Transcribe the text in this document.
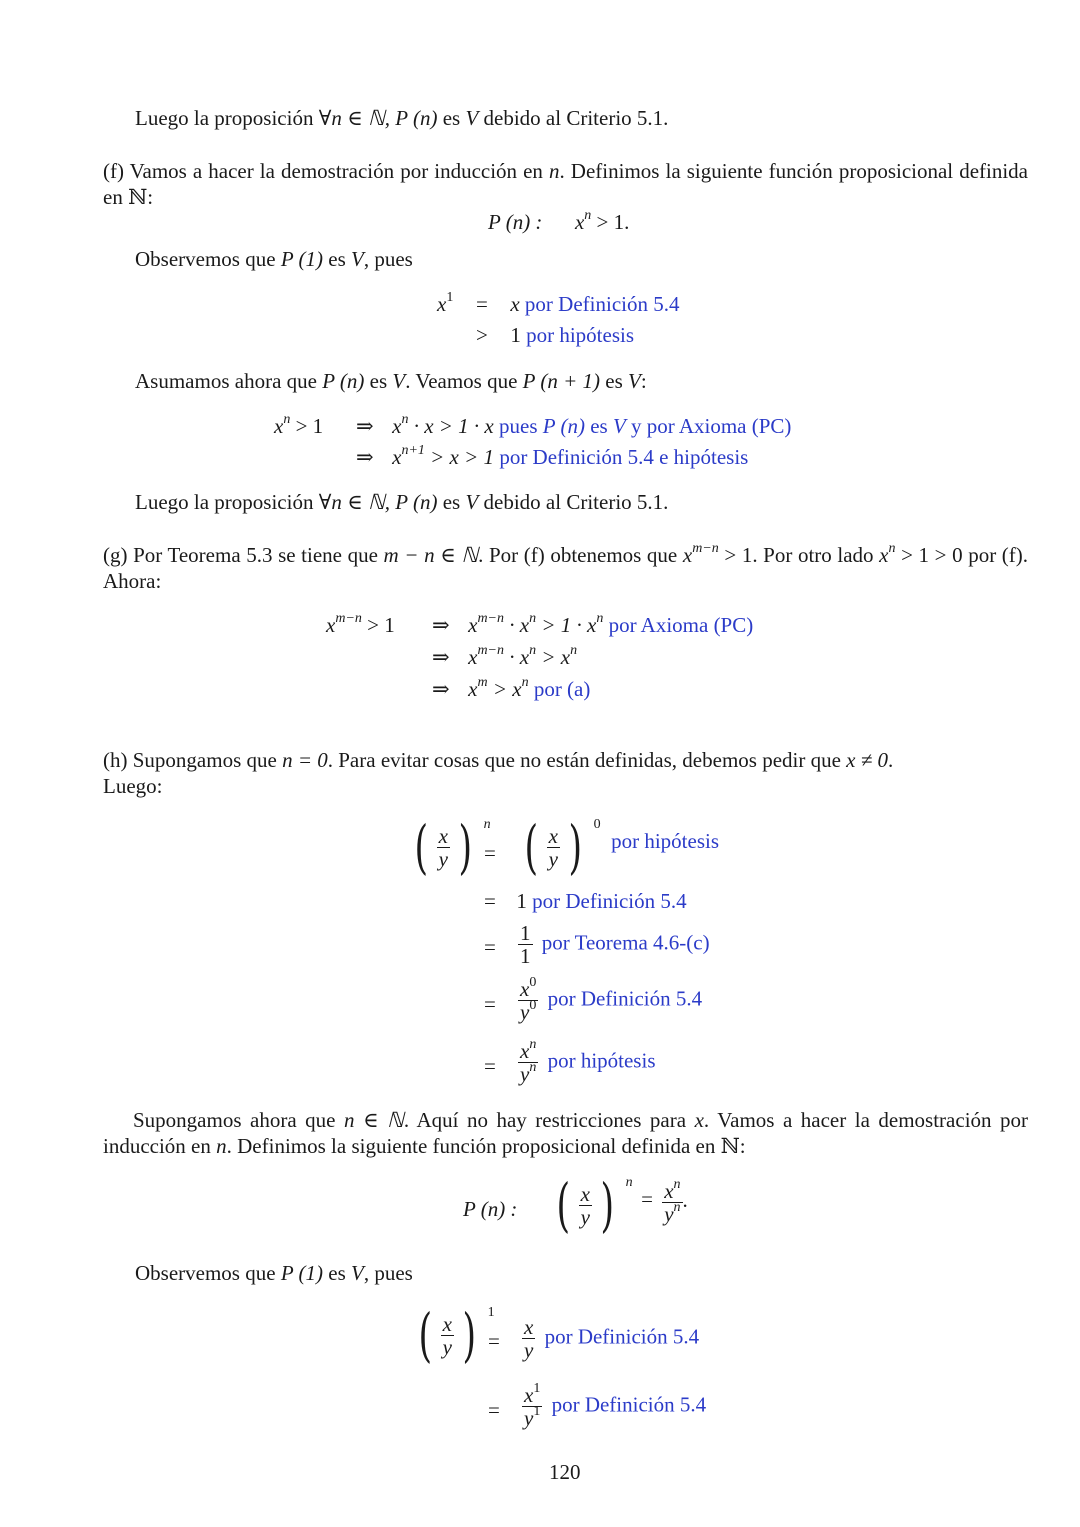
Luego la proposición ∀n ∈ ℕ, P (n) es V debido al Criterio 5.1.
(f) Vamos a hacer la demostración por inducción en n. Definimos la siguiente función proposicional definida en ℕ:
P (n) : $x^n > 1$.
Observemos que P (1) es V, pues
$x^1 = x$ por Definición 5.4
> 1 por hipótesis
Asumamos ahora que P (n) es V. Veamos que P (n + 1) es V:
$x^n > 1$ ⇒ $x^n \cdot x > 1 \cdot x$ pues P (n) es V y por Axioma (PC)
⇒ $x^{n+1} > x > 1$ por Definición 5.4 e hipótesis
Luego la proposición ∀n ∈ ℕ, P (n) es V debido al Criterio 5.1.
(g) Por Teorema 5.3 se tiene que m − n ∈ ℕ. Por (f) obtenemos que $x^{m-n} > 1$. Por otro lado $x^n > 1 > 0$ por (f). Ahora:
$x^{m-n} > 1$ ⇒ $x^{m-n} \cdot x^n > 1 \cdot x^n$ por Axioma (PC)
⇒ $x^{m-n} \cdot x^n > x^n$
⇒ $x^m > x^n$ por (a)
(h) Supongamos que n = 0. Para evitar cosas que no están definidas, debemos pedir que x ≠ 0.
Luego:
( $\frac{x}{y}$ ) n
= ( $\frac{x}{y}$ ) 0
por hipótesis
= 1 por Definición 5.4
= $\frac{1}{1}$ por Teorema 4.6-(c)
= $\frac{x^0}{y^0}$ por Definición 5.4
= $\frac{x^n}{y^n}$ por hipótesis
Supongamos ahora que n ∈ ℕ. Aquí no hay restricciones para x. Vamos a hacer la demostración por inducción en n. Definimos la siguiente función proposicional definida en ℕ:
P (n) : ( $\frac{x}{y}$ ) n
= $\frac{x^n}{y^n}$ .
Observemos que P (1) es V, pues
( $\frac{x}{y}$ ) 1
= $\frac{x}{y}$ por Definición 5.4
= $\frac{x^1}{y^1}$ por Definición 5.4
120
